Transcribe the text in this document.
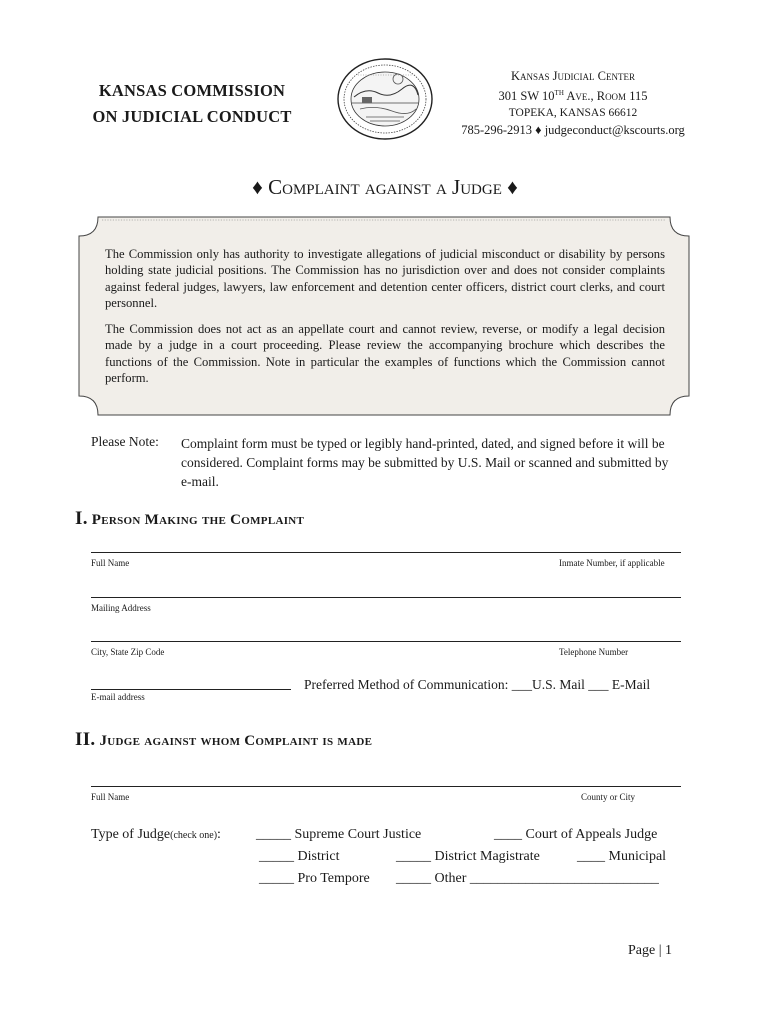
KANSAS COMMISSION
ON JUDICIAL CONDUCT
Kansas Judicial Center
301 SW 10TH Ave., Room 115
TOPEKA, KANSAS 66612
785-296-2913 ♦ judgeconduct@kscourts.org
♦ Complaint against a Judge ♦

The Commission only has authority to investigate allegations of judicial misconduct or disability by persons holding state judicial positions. The Commission has no jurisdiction over and does not consider complaints against federal judges, lawyers, law enforcement and detention center officers, district court clerks, and court personnel.

The Commission does not act as an appellate court and cannot review, reverse, or modify a legal decision made by a judge in a court proceeding. Please review the accompanying brochure which describes the functions of the Commission. Note in particular the examples of functions which the Commission cannot perform.

Please Note: Complaint form must be typed or legibly hand-printed, dated, and signed before it will be considered. Complaint forms may be submitted by U.S. Mail or scanned and submitted by e-mail.
I. Person Making the Complaint
Full Name	Inmate Number, if applicable
Mailing Address
City, State Zip Code	Telephone Number
E-mail address
Preferred Method of Communication: ___U.S. Mail ___ E-Mail
II. Judge against whom Complaint is made
Full Name	County or City
Type of Judge(check one):	_____ Supreme Court Justice	____ Court of Appeals Judge
_____ District	_____ District Magistrate	____ Municipal
_____ Pro Tempore _____ Other ___________________________
Page | 1
